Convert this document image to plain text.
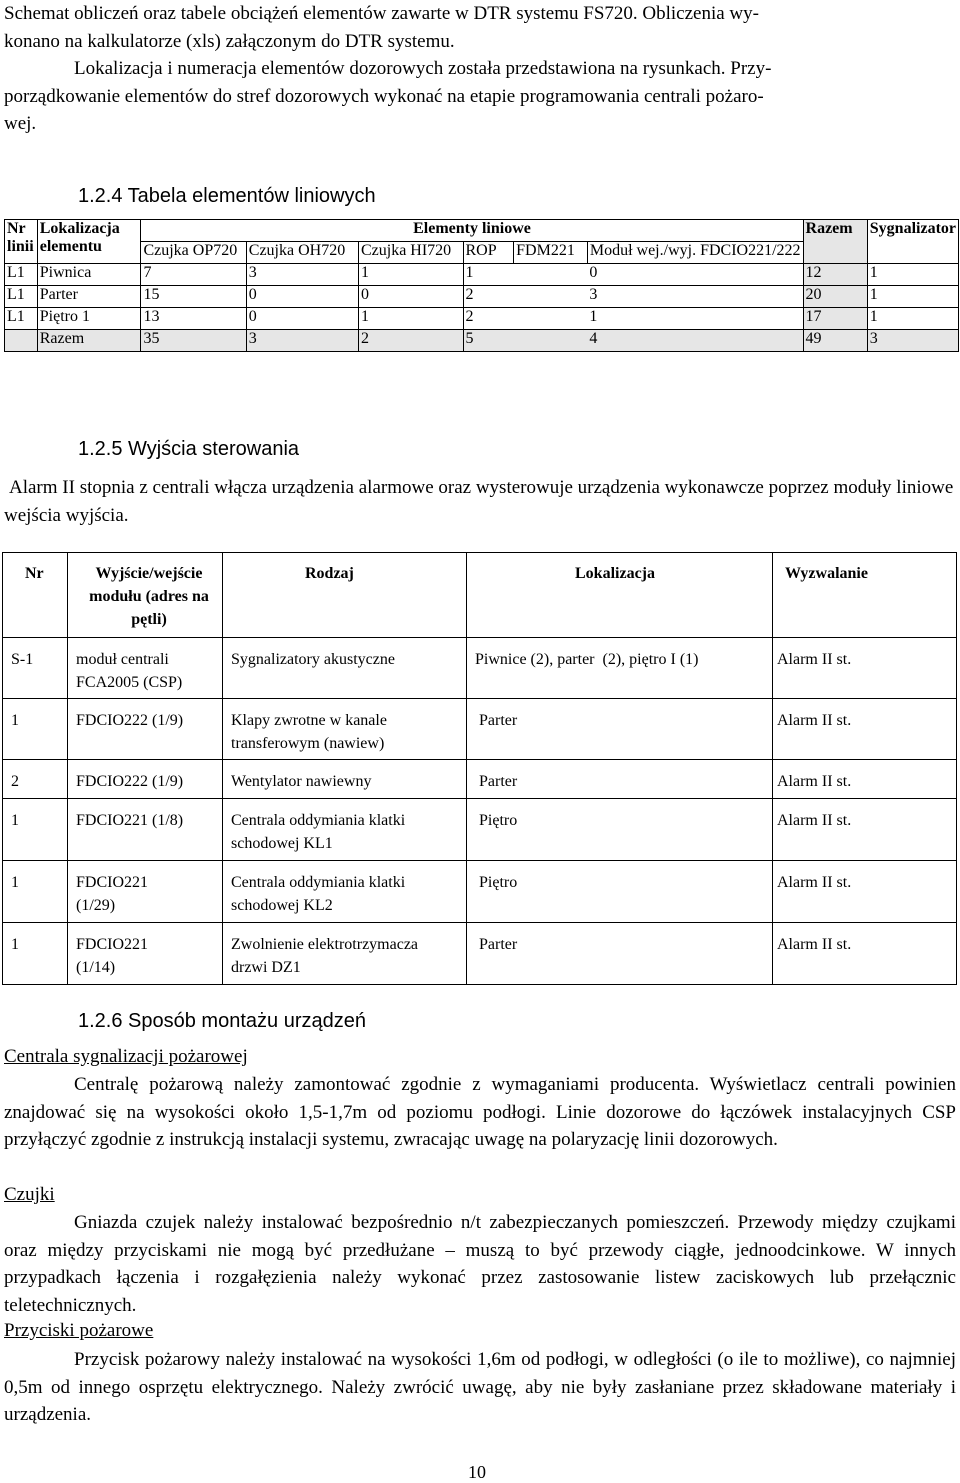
Schemat obliczeń oraz tabele obciążeń elementów zawarte w DTR systemu FS720. Obliczenia wy-
konano na kalkulatorze (xls) załączonym do DTR systemu.
Lokalizacja i numeracja elementów dozorowych została przedstawiona na rysunkach. Przy-
porządkowanie elementów do stref dozorowych wykonać na etapie programowania centrali pożaro-
wej.
1.2.4 Tabela elementów liniowych
Nr linii	Lokalizacja elementu	Elementy liniowe						Razem	Sygnalizator
		Czujka OP720	Czujka OH720	Czujka HI720	ROP	FDM221	Moduł wej./wyj. FDCIO221/222		
L1	Piwnica	7	3	1	1		0	12	1
L1	Parter	15	0	0	2		3	20	1
L1	Piętro 1	13	0	1	2		1	17	1
	Razem	35	3	2	5		4	49	3
1.2.5 Wyjścia sterowania

Alarm II stopnia z centrali włącza urządzenia alarmowe oraz wysterowuje urządzenia wykonawcze poprzez moduły liniowe wejścia wyjścia.

Nr	Wyjście/wejście modułu (adres na pętli)	Rodzaj	Lokalizacja	Wyzwalanie
S-1	moduł centrali FCA2005 (CSP)	Sygnalizatory akustyczne	Piwnice (2), parter  (2), piętro I (1)	Alarm II st.
1	FDCIO222 (1/9)	Klapy zwrotne w kanale transferowym (nawiew)	Parter	Alarm II st.
2	FDCIO222 (1/9)	Wentylator nawiewny	Parter	Alarm II st.
1	FDCIO221 (1/8)	Centrala oddymiania klatki schodowej KL1	Piętro	Alarm II st.
1	FDCIO221 (1/29)	Centrala oddymiania klatki schodowej KL2	Piętro	Alarm II st.
1	FDCIO221 (1/14)	Zwolnienie elektrotrzymacza drzwi DZ1	Parter	Alarm II st.
1.2.6 Sposób montażu urządzeń
Centrala sygnalizacji pożarowej

Centralę pożarową należy zamontować zgodnie z wymaganiami producenta. Wyświetlacz centrali powinien znajdować się na wysokości około 1,5-1,7m od poziomu podłogi. Linie dozorowe do łączówek instalacyjnych CSP przyłączyć zgodnie z instrukcją instalacji systemu, zwracając uwagę na polaryzację linii dozorowych.

Czujki

Gniazda czujek należy instalować bezpośrednio n/t zabezpieczanych pomieszczeń. Przewody między czujkami oraz między przyciskami nie mogą być przedłużane – muszą to być przewody ciągłe, jednoodcinkowe. W innych przypadkach łączenia i rozgałęzienia należy wykonać przez zastosowanie listew zaciskowych lub przełącznic teletechnicznych.

Przyciski pożarowe

Przycisk pożarowy należy instalować na wysokości 1,6m od podłogi, w odległości (o ile to możliwe), co najmniej 0,5m od innego osprzętu elektrycznego. Należy zwrócić uwagę, aby nie były zasłaniane przez składowane materiały i urządzenia.

10
